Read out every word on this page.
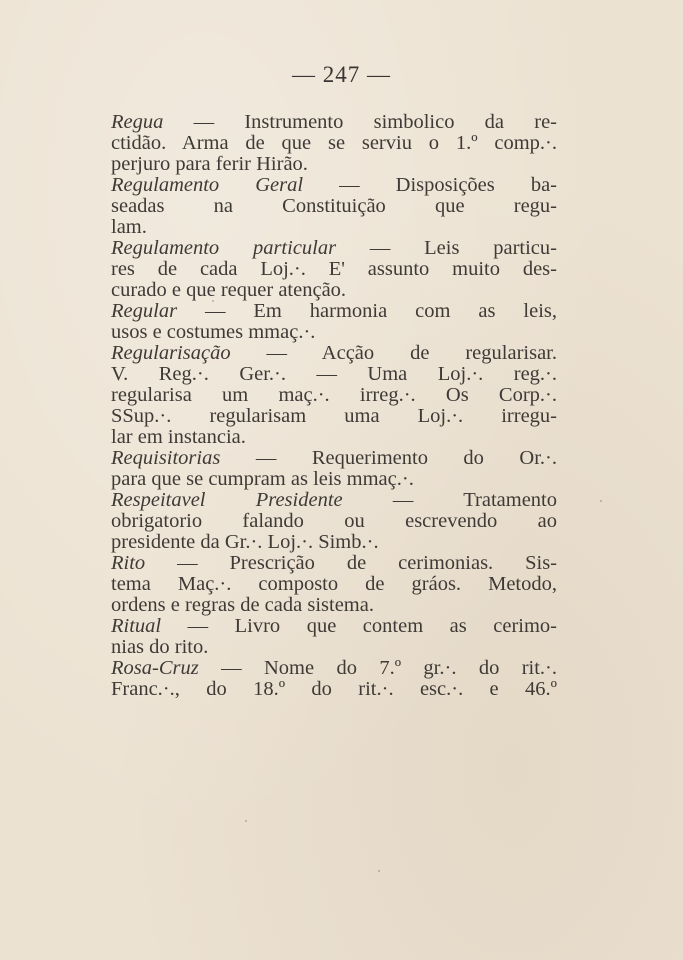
— 247 —
Regua — Instrumento simbolico da re-
ctidão. Arma de que se serviu o 1.º comp.·.
perjuro para ferir Hirão.
Regulamento Geral — Disposições ba-
seadas na Constituição que regu-
lam.
Regulamento particular — Leis particu-
res de cada Loj.·. E' assunto muito des-
curado e que requer atenção.
Regular — Em harmonia com as leis,
usos e costumes mmaç.·.
Regularisação — Acção de regularisar.
V. Reg.·. Ger.·. — Uma Loj.·. reg.·.
regularisa um maç.·. irreg.·. Os Corp.·.
SSup.·. regularisam uma Loj.·. irregu-
lar em instancia.
Requisitorias — Requerimento do Or.·.
para que se cumpram as leis mmaç.·.
Respeitavel Presidente — Tratamento
obrigatorio falando ou escrevendo ao
presidente da Gr.·. Loj.·. Simb.·.
Rito — Prescrição de cerimonias. Sis-
tema Maç.·. composto de gráos. Metodo,
ordens e regras de cada sistema.
Ritual — Livro que contem as cerimo-
nias do rito.
Rosa-Cruz — Nome do 7.º gr.·. do rit.·.
Franc.·., do 18.º do rit.·. esc.·. e 46.º
